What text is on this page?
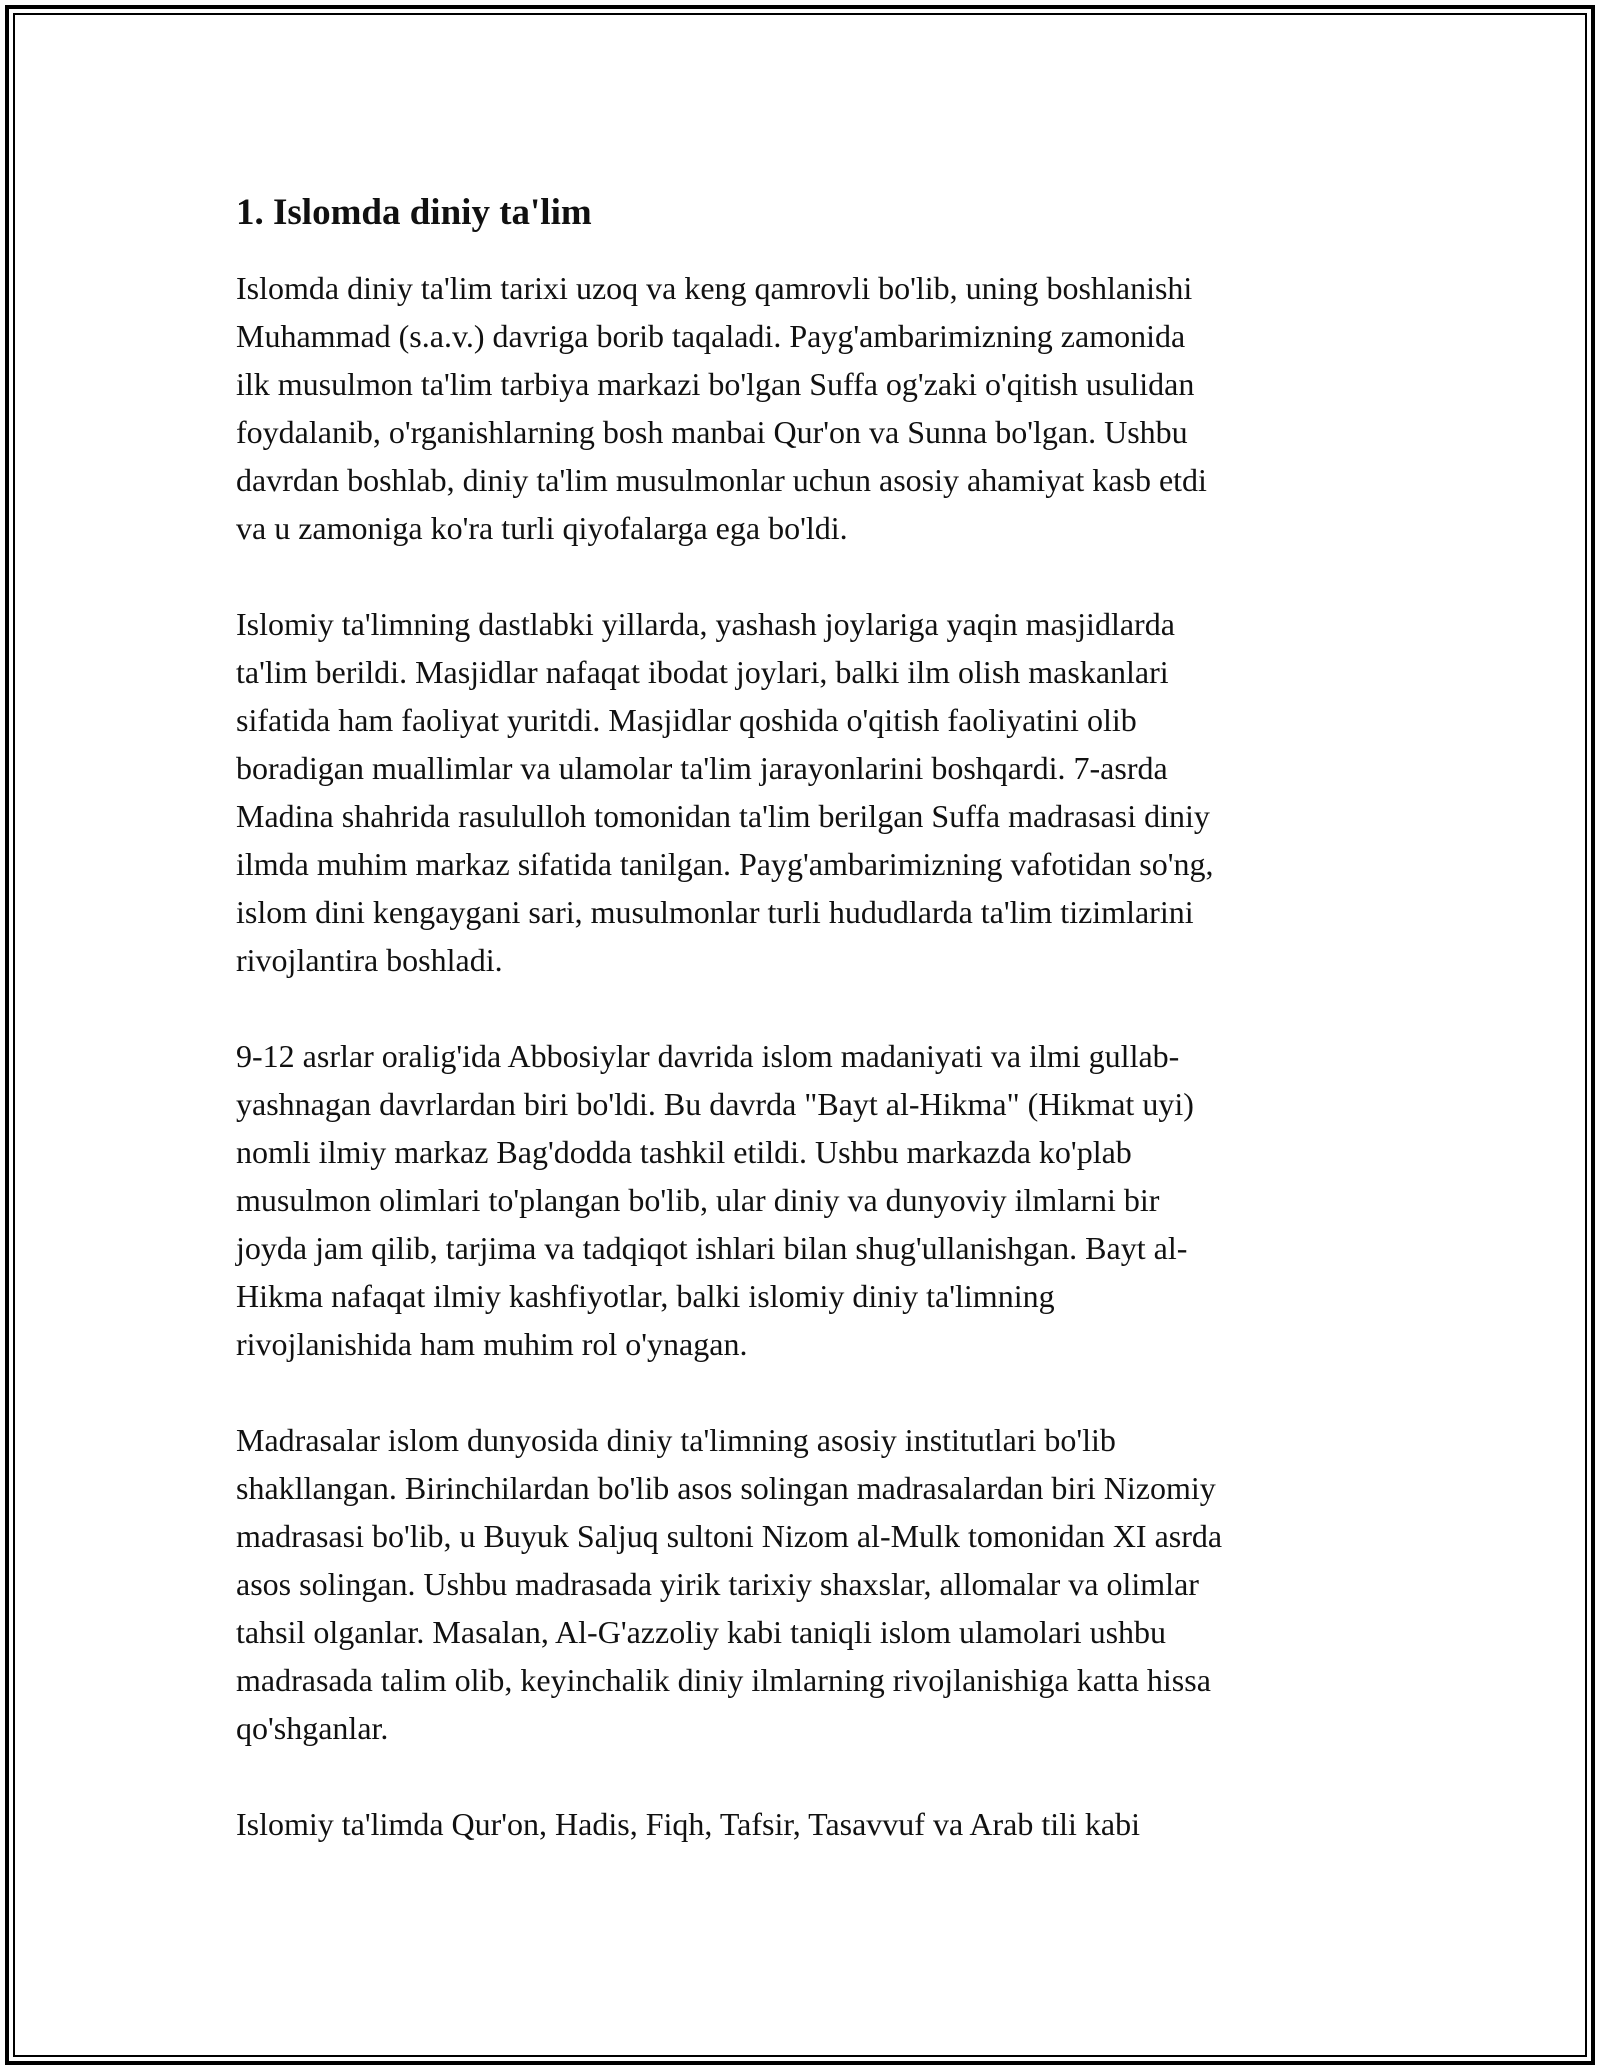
1. Islomda diniy ta'lim

Islomda diniy ta'lim tarixi uzoq va keng qamrovli bo'lib, uning boshlanishi
Muhammad (s.a.v.) davriga borib taqaladi. Payg'ambarimizning zamonida
ilk musulmon ta'lim tarbiya markazi bo'lgan Suffa og'zaki o'qitish usulidan
foydalanib, o'rganishlarning bosh manbai Qur'on va Sunna bo'lgan. Ushbu
davrdan boshlab, diniy ta'lim musulmonlar uchun asosiy ahamiyat kasb etdi
va u zamoniga ko'ra turli qiyofalarga ega bo'ldi.

Islomiy ta'limning dastlabki yillarda, yashash joylariga yaqin masjidlarda
ta'lim berildi. Masjidlar nafaqat ibodat joylari, balki ilm olish maskanlari
sifatida ham faoliyat yuritdi. Masjidlar qoshida o'qitish faoliyatini olib
boradigan muallimlar va ulamolar ta'lim jarayonlarini boshqardi. 7-asrda
Madina shahrida rasululloh tomonidan ta'lim berilgan Suffa madrasasi diniy
ilmda muhim markaz sifatida tanilgan. Payg'ambarimizning vafotidan so'ng,
islom dini kengaygani sari, musulmonlar turli hududlarda ta'lim tizimlarini
rivojlantira boshladi.

9-12 asrlar oralig'ida Abbosiylar davrida islom madaniyati va ilmi gullab-
yashnagan davrlardan biri bo'ldi. Bu davrda "Bayt al-Hikma" (Hikmat uyi)
nomli ilmiy markaz Bag'dodda tashkil etildi. Ushbu markazda ko'plab
musulmon olimlari to'plangan bo'lib, ular diniy va dunyoviy ilmlarni bir
joyda jam qilib, tarjima va tadqiqot ishlari bilan shug'ullanishgan. Bayt al-
Hikma nafaqat ilmiy kashfiyotlar, balki islomiy diniy ta'limning
rivojlanishida ham muhim rol o'ynagan.

Madrasalar islom dunyosida diniy ta'limning asosiy institutlari bo'lib
shakllangan. Birinchilardan bo'lib asos solingan madrasalardan biri Nizomiy
madrasasi bo'lib, u Buyuk Saljuq sultoni Nizom al-Mulk tomonidan XI asrda
asos solingan. Ushbu madrasada yirik tarixiy shaxslar, allomalar va olimlar
tahsil olganlar. Masalan, Al-G'azzoliy kabi taniqli islom ulamolari ushbu
madrasada talim olib, keyinchalik diniy ilmlarning rivojlanishiga katta hissa
qo'shganlar.

Islomiy ta'limda Qur'on, Hadis, Fiqh, Tafsir, Tasavvuf va Arab tili kabi
